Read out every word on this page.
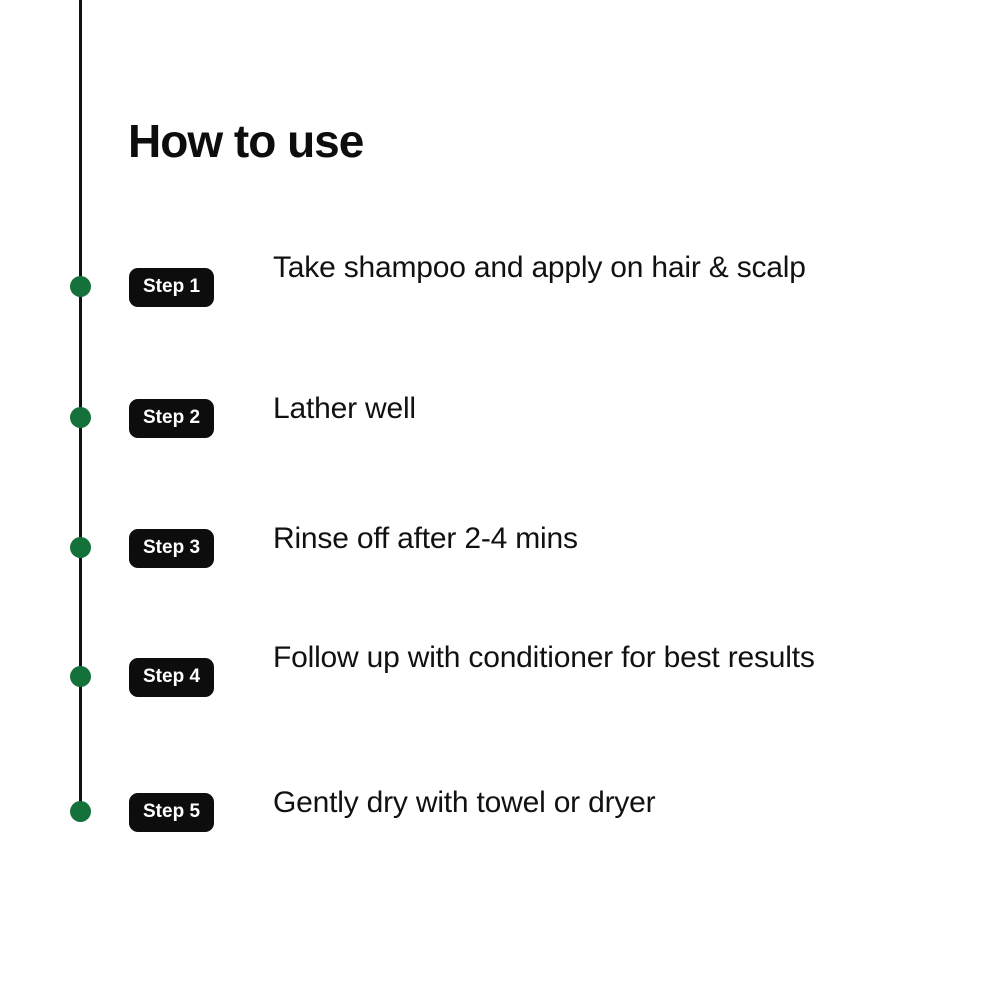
How to use
Step 1
Take shampoo and apply on hair & scalp
Step 2	Lather well
Step 3	Rinse off after 2-4 mins
Step 4
Follow up with conditioner for best results
Step 5	Gently dry with towel or dryer
